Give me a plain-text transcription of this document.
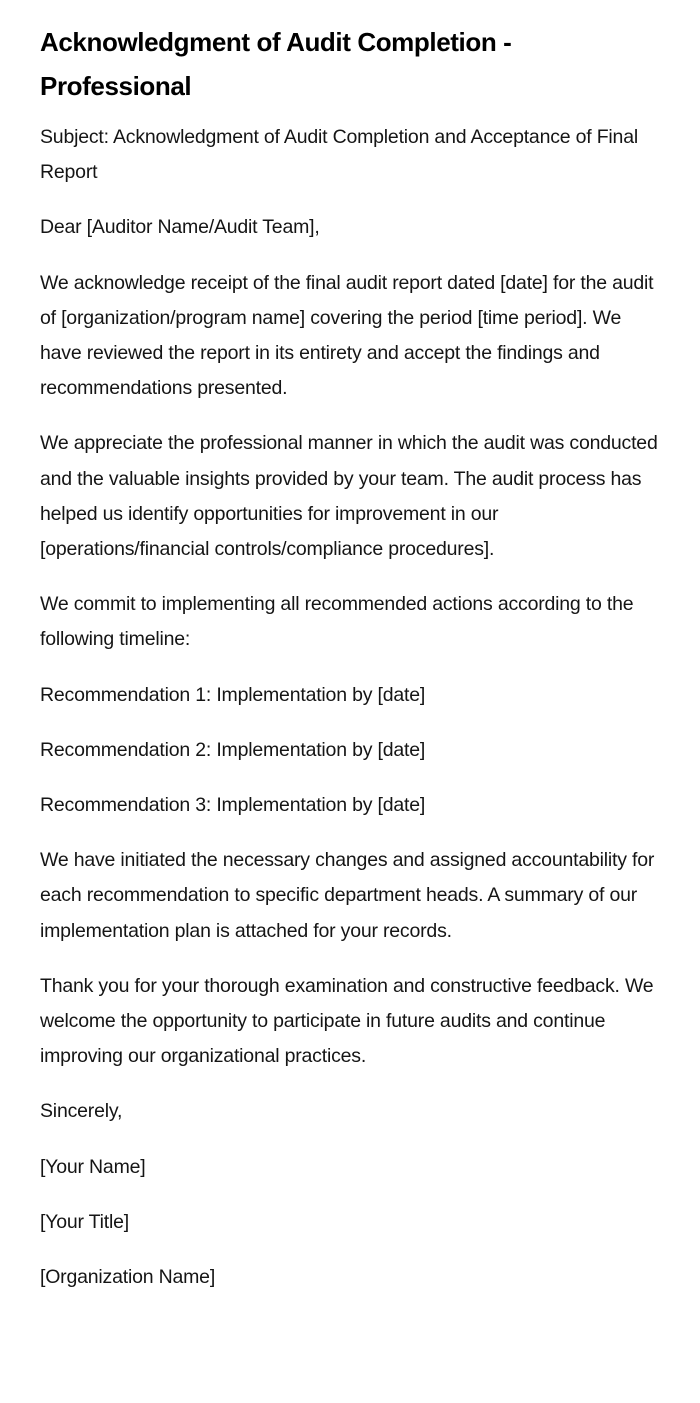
Acknowledgment of Audit Completion - Professional

Subject: Acknowledgment of Audit Completion and Acceptance of Final Report

Dear [Auditor Name/Audit Team],

We acknowledge receipt of the final audit report dated [date] for the audit of [organization/program name] covering the period [time period]. We have reviewed the report in its entirety and accept the findings and recommendations presented.

We appreciate the professional manner in which the audit was conducted and the valuable insights provided by your team. The audit process has helped us identify opportunities for improvement in our [operations/financial controls/compliance procedures].

We commit to implementing all recommended actions according to the following timeline:

Recommendation 1: Implementation by [date]

Recommendation 2: Implementation by [date]

Recommendation 3: Implementation by [date]

We have initiated the necessary changes and assigned accountability for each recommendation to specific department heads. A summary of our implementation plan is attached for your records.

Thank you for your thorough examination and constructive feedback. We welcome the opportunity to participate in future audits and continue improving our organizational practices.

Sincerely,

[Your Name]

[Your Title]

[Organization Name]
